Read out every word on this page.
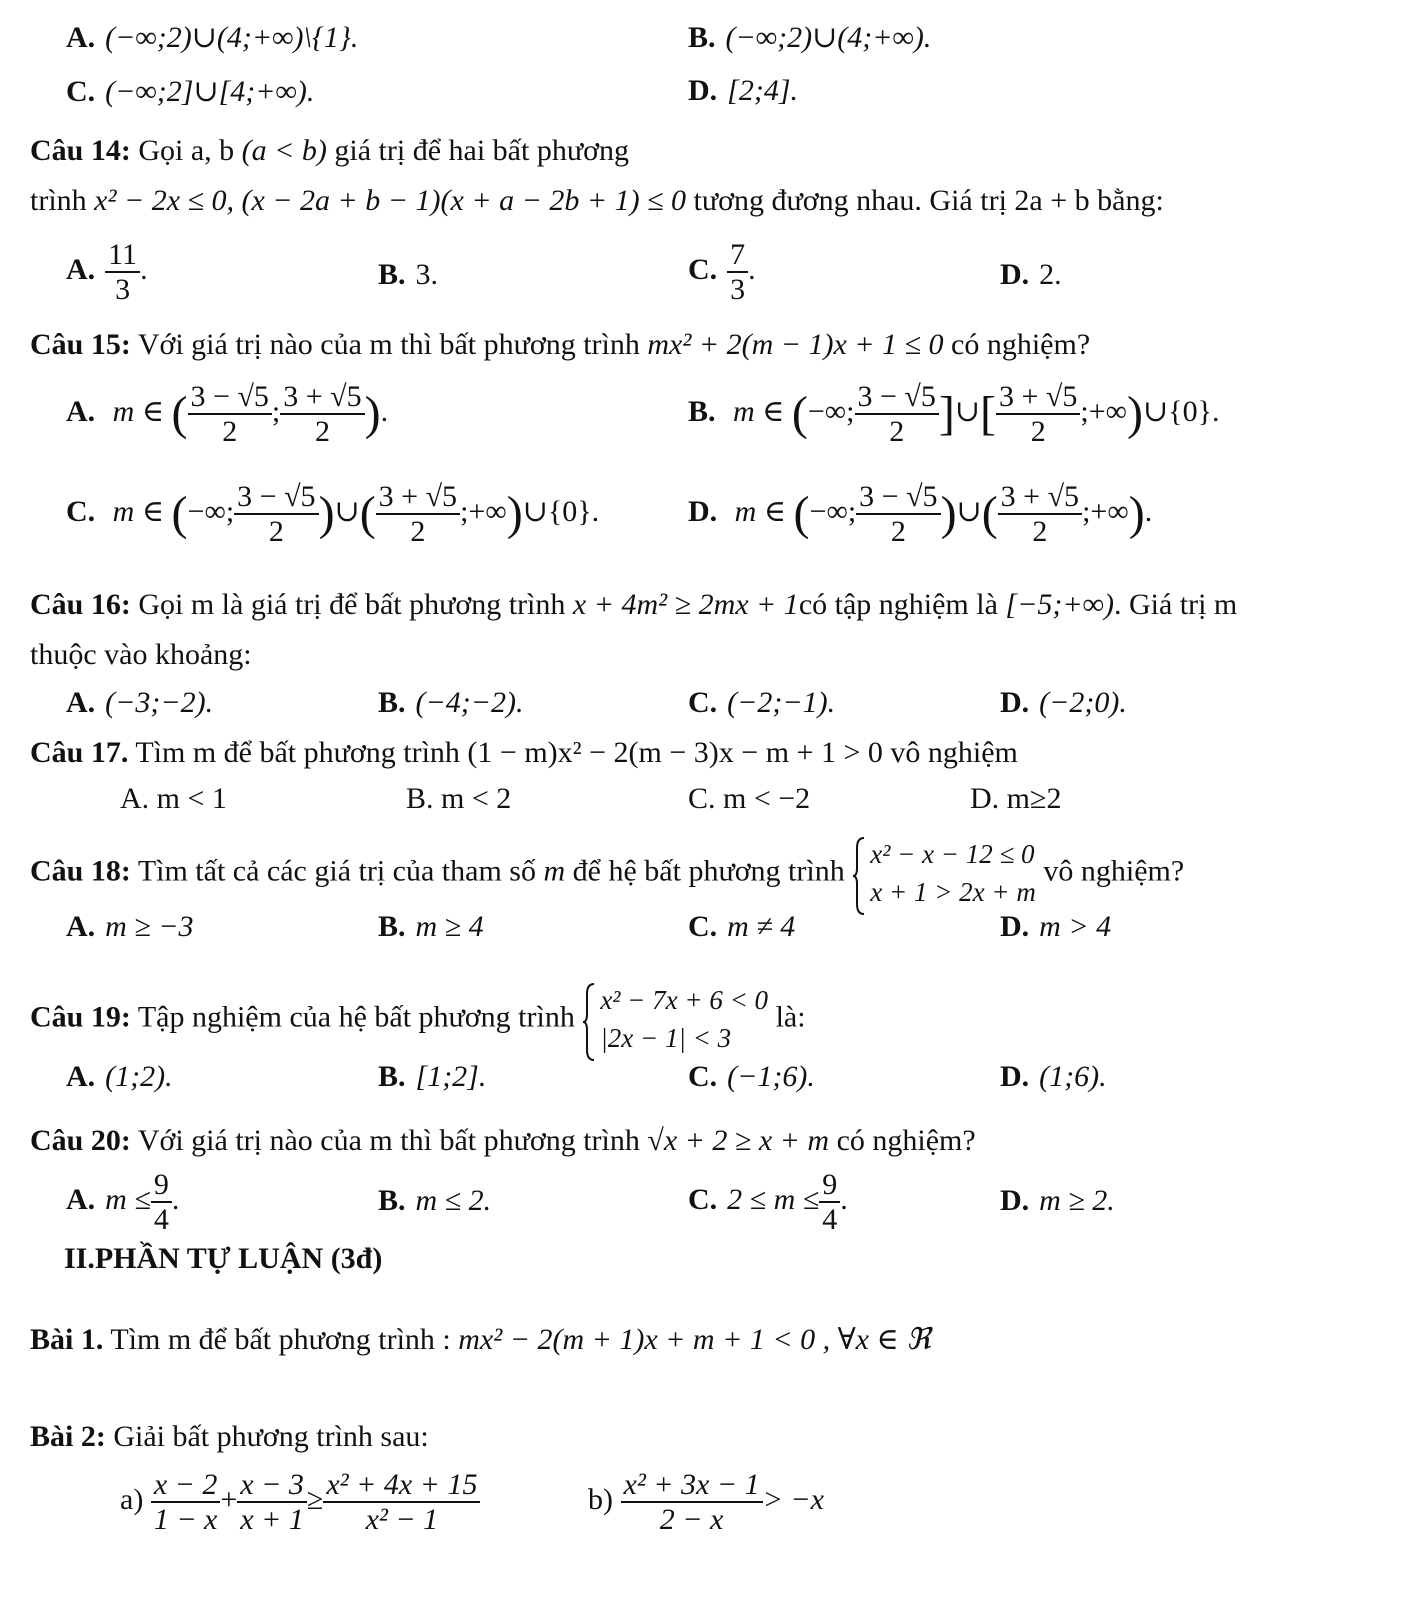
A. (−∞;2)∪(4;+∞)\{1}.	B. (−∞;2)∪(4;+∞).
C. (−∞;2]∪[4;+∞).	D. [2;4].
Câu 14: Gọi a, b (a < b) giá trị để hai bất phương
trình x² − 2x ≤ 0, (x − 2a + b − 1)(x + a − 2b + 1) ≤ 0 tương đương nhau. Giá trị 2a + b bằng:
A. $\frac{11}{3}$ .	B. 3.	C. $\frac{7}{3}$ .	D. 2.
Câu 15: Với giá trị nào của m thì bất phương trình mx² + 2(m − 1)x + 1 ≤ 0 có nghiệm?
A. m ∈ ( $\frac{3 - √5}{2}$ ; $\frac{3 + √5}{2}$ ).	B. m ∈ (−∞; $\frac{3 - √5}{2}$ ]∪[ $\frac{3 + √5}{2}$ ;+∞)∪{0}.
C. m ∈ (−∞; $\frac{3 - √5}{2}$ )∪( $\frac{3 + √5}{2}$ ;+∞)∪{0}.	D. m ∈ (−∞; $\frac{3 - √5}{2}$ )∪( $\frac{3 + √5}{2}$ ;+∞).
Câu 16: Gọi m là giá trị để bất phương trình x + 4m² ≥ 2mx + 1có tập nghiệm là [−5;+∞). Giá trị m
thuộc vào khoảng:
A. (−3;−2).	B. (−4;−2).	C. (−2;−1).	D. (−2;0).
Câu 17. Tìm m để bất phương trình (1 − m)x² − 2(m − 3)x − m + 1 > 0 vô nghiệm
A. m < 1	B. m < 2	C. m < −2	D. m≥2
Câu 18: Tìm tất cả các giá trị của tham số m để hệ bất phương trình
x² − x − 12 ≤ 0
x + 1 > 2x + m
vô nghiệm?
A. m ≥ −3	B. m ≥ 4	C. m ≠ 4	D. m > 4
Câu 19: Tập nghiệm của hệ bất phương trình
x² − 7x + 6 < 0
|2x − 1| < 3
là:
A. (1;2).	B. [1;2].	C. (−1;6).	D. (1;6).
Câu 20: Với giá trị nào của m thì bất phương trình √x + 2 ≥ x + m có nghiệm?
A. $m \le \frac{9}{4}$ .	B. m ≤ 2.	C. $2 \le m \le \frac{9}{4}$ .	D. m ≥ 2.
II.PHẦN TỰ LUẬN (3đ)
Bài 1. Tìm m để bất phương trình : mx² − 2(m + 1)x + m + 1 < 0 , ∀x ∈ ℜ
Bài 2: Giải bất phương trình sau:
$a) \frac{x - 2}{1 - x} + \frac{x - 3}{x + 1} \ge \frac{\text{x² + 4x + 15}}{\text{x² − 1}}$	$b) \frac{\text{x² + 3x − 1}}{2 - x} > -x$
